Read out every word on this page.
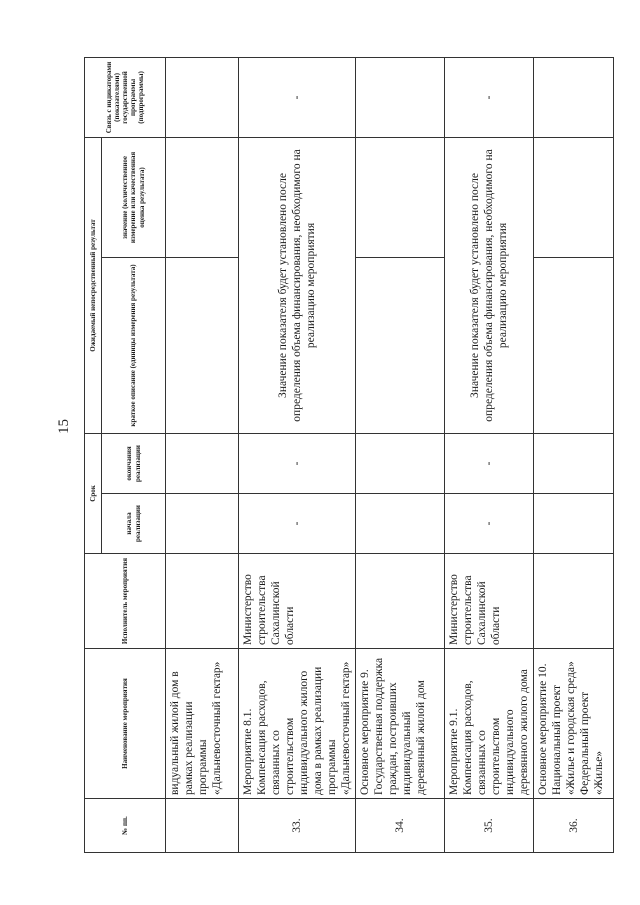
15
№ пп.	Наименование мероприятия	Исполнитель мероприятия	Срок		Ожидаемый непосредственный результат		Связь с индикаторами (показателями) государственной программы (подпрограммы)
			начала реализации	окончания реализации	краткое описание (единицы измерения результата)	значение (количественное измерение или качественная оценка результата)	
	видуальный жилой дом в рамках реализации программы «Дальневосточный гектар»						
33.	Мероприятие 8.1. Компенсация расходов, связанных со строительством индивидуального жилого дома в рамках реализации программы «Дальневосточный гектар»	Министерство строительства Сахалинской области	-	-	Значение показателя будет установлено после определения объема финансирования, необходимого на реализацию мероприятия		-
34.	Основное мероприятие 9. Государственная поддержка граждан, построивших индивидуальный деревянный жилой дом						
35.	Мероприятие 9.1. Компенсация расходов, связанных со строительством индивидуального деревянного жилого дома	Министерство строительства Сахалинской области	-	-	Значение показателя будет установлено после определения объема финансирования, необходимого на реализацию мероприятия		-
36.	Основное мероприятие 10. Национальный проект «Жилье и городская среда» Федеральный проект «Жилье»						
